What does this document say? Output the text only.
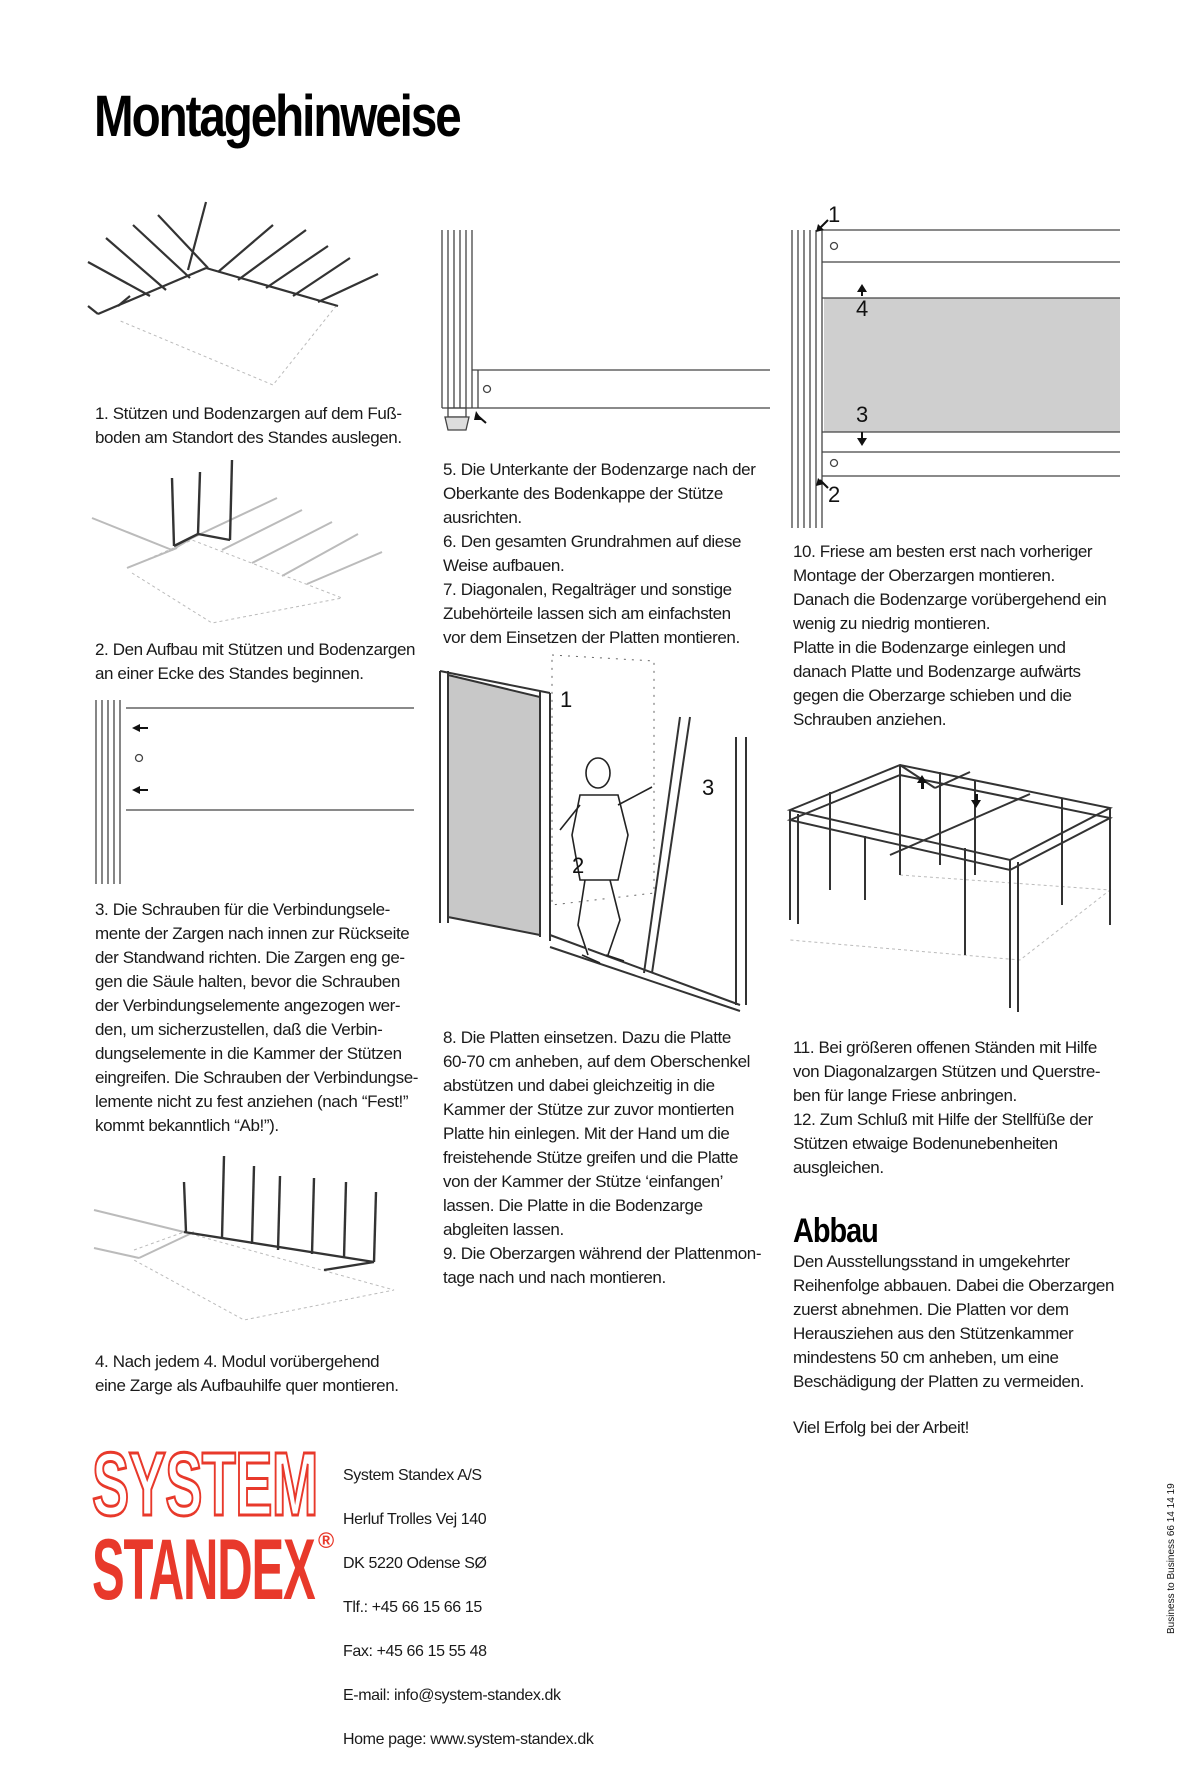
Montagehinweise
1. Stützen und Bodenzargen auf dem Fuß-
boden am Standort des Standes auslegen.
2. Den Aufbau mit Stützen und Bodenzargen
an einer Ecke des Standes beginnen.
3. Die Schrauben für die Verbindungsele-
mente der Zargen nach innen zur Rückseite
der Standwand richten. Die Zargen eng ge-
gen die Säule halten, bevor die Schrauben
der Verbindungselemente angezogen wer-
den, um sicherzustellen, daß die Verbin-
dungselemente in die Kammer der Stützen
eingreifen. Die Schrauben der Verbindungse-
lemente nicht zu fest anziehen (nach “Fest!”
kommt bekanntlich “Ab!”).
4. Nach jedem 4. Modul vorübergehend
eine Zarge als Aufbauhilfe quer montieren.
5. Die Unterkante der Bodenzarge nach der
Oberkante des Bodenkappe der Stütze
ausrichten.
6. Den gesamten Grundrahmen auf diese
Weise aufbauen.
7. Diagonalen, Regalträger und sonstige
Zubehörteile lassen sich am einfachsten
vor dem Einsetzen der Platten montieren.
1
3
2
8. Die Platten einsetzen. Dazu die Platte
60-70 cm anheben, auf dem Oberschenkel
abstützen und dabei gleichzeitig in die
Kammer der Stütze zur zuvor montierten
Platte hin einlegen. Mit der Hand um die
freistehende Stütze greifen und die Platte
von der Kammer der Stütze ‘einfangen’
lassen. Die Platte in die Bodenzarge
abgleiten lassen.
9. Die Oberzargen während der Plattenmon-
tage nach und nach montieren.
1
4
3
2
10. Friese am besten erst nach vorheriger
Montage der Oberzargen montieren.
Danach die Bodenzarge vorübergehend ein
wenig zu niedrig montieren.
Platte in die Bodenzarge einlegen und
danach Platte und Bodenzarge aufwärts
gegen die Oberzarge schieben und die
Schrauben anziehen.
11. Bei größeren offenen Ständen mit Hilfe
von Diagonalzargen Stützen und Querstre-
ben für lange Friese anbringen.
12. Zum Schluß mit Hilfe der Stellfüße der
Stützen etwaige Bodenunebenheiten
ausgleichen.
Abbau
Den Ausstellungsstand in umgekehrter
Reihenfolge abbauen. Dabei die Oberzargen
zuerst abnehmen. Die Platten vor dem
Herausziehen aus den Stützenkammer
mindestens 50 cm anheben, um eine
Beschädigung der Platten zu vermeiden.
Viel Erfolg bei der Arbeit!
SYSTEM
STANDEX ®

System Standex A/S

Herluf Trolles Vej 140

DK 5220 Odense SØ

Tlf.: +45 66 15 66 15

Fax: +45 66 15 55 48

E-mail: info@system-standex.dk

Home page: www.system-standex.dk

Business to Business 66 14 14 19
